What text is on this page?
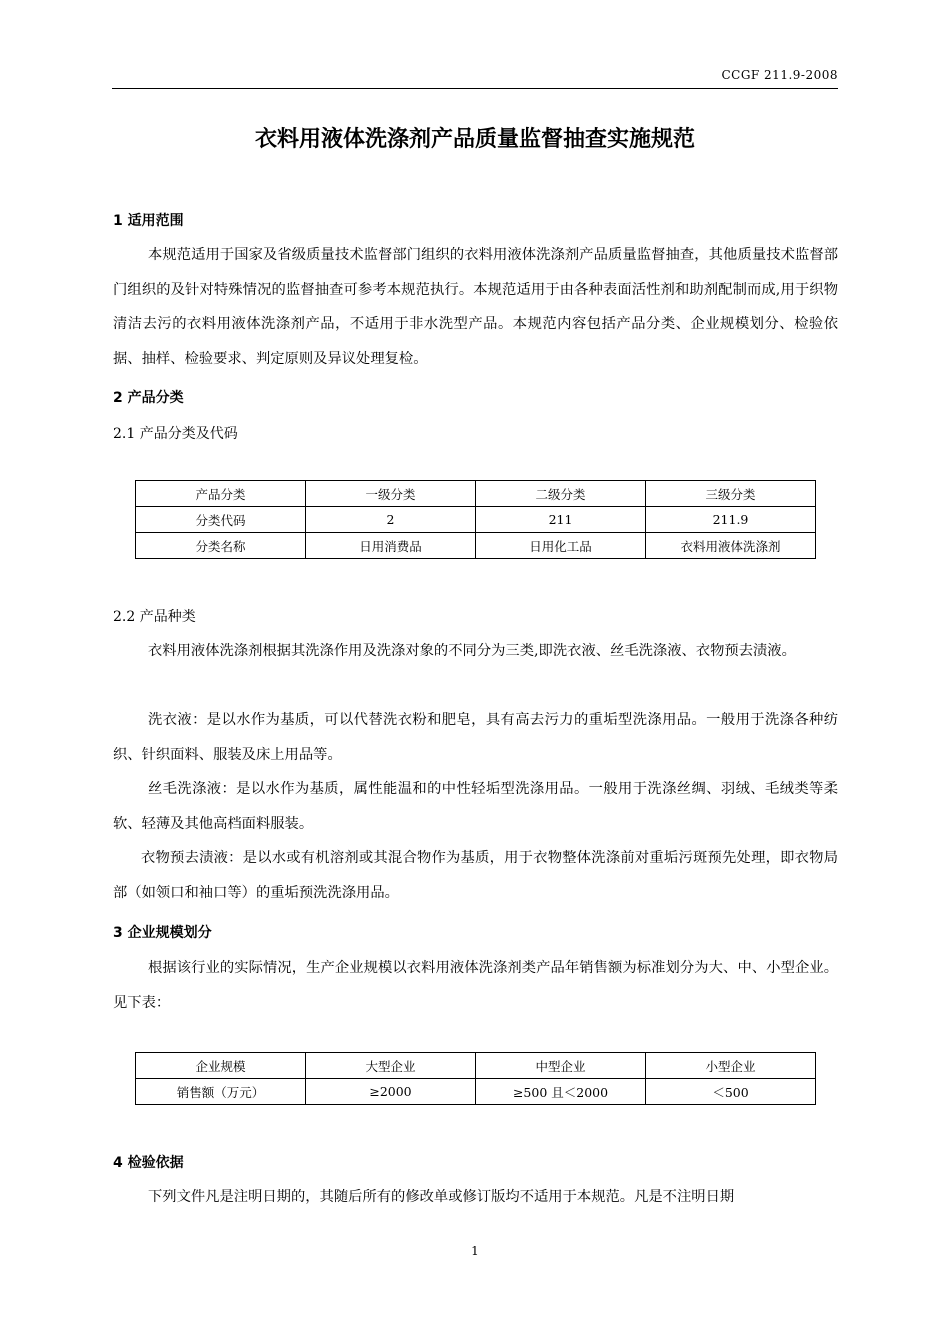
CCGF 211.9-2008
衣料用液体洗涤剂产品质量监督抽查实施规范
1 适用范围
本规范适用于国家及省级质量技术监督部门组织的衣料用液体洗涤剂产品质量监督抽查，其他质量技术监督部门组织的及针对特殊情况的监督抽查可参考本规范执行。本规范适用于由各种表面活性剂和助剂配制而成,用于织物清洁去污的衣料用液体洗涤剂产品，不适用于非水洗型产品。本规范内容包括产品分类、企业规模划分、检验依据、抽样、检验要求、判定原则及异议处理复检。
2 产品分类
2.1 产品分类及代码
产品分类	一级分类	二级分类	三级分类
分类代码	2	211	211.9
分类名称	日用消费品	日用化工品	衣料用液体洗涤剂
2.2 产品种类
衣料用液体洗涤剂根据其洗涤作用及洗涤对象的不同分为三类,即洗衣液、丝毛洗涤液、衣物预去渍液。
洗衣液：是以水作为基质，可以代替洗衣粉和肥皂，具有高去污力的重垢型洗涤用品。一般用于洗涤各种纺织、针织面料、服装及床上用品等。
丝毛洗涤液：是以水作为基质，属性能温和的中性轻垢型洗涤用品。一般用于洗涤丝绸、羽绒、毛绒类等柔软、轻薄及其他高档面料服装。
衣物预去渍液：是以水或有机溶剂或其混合物作为基质，用于衣物整体洗涤前对重垢污斑预先处理，即衣物局部（如领口和袖口等）的重垢预洗洗涤用品。
3 企业规模划分
根据该行业的实际情况，生产企业规模以衣料用液体洗涤剂类产品年销售额为标准划分为大、中、小型企业。见下表：
企业规模	大型企业	中型企业	小型企业
销售额（万元）	≥2000	≥500 且＜2000	＜500
4 检验依据
下列文件凡是注明日期的，其随后所有的修改单或修订版均不适用于本规范。凡是不注明日期
1
